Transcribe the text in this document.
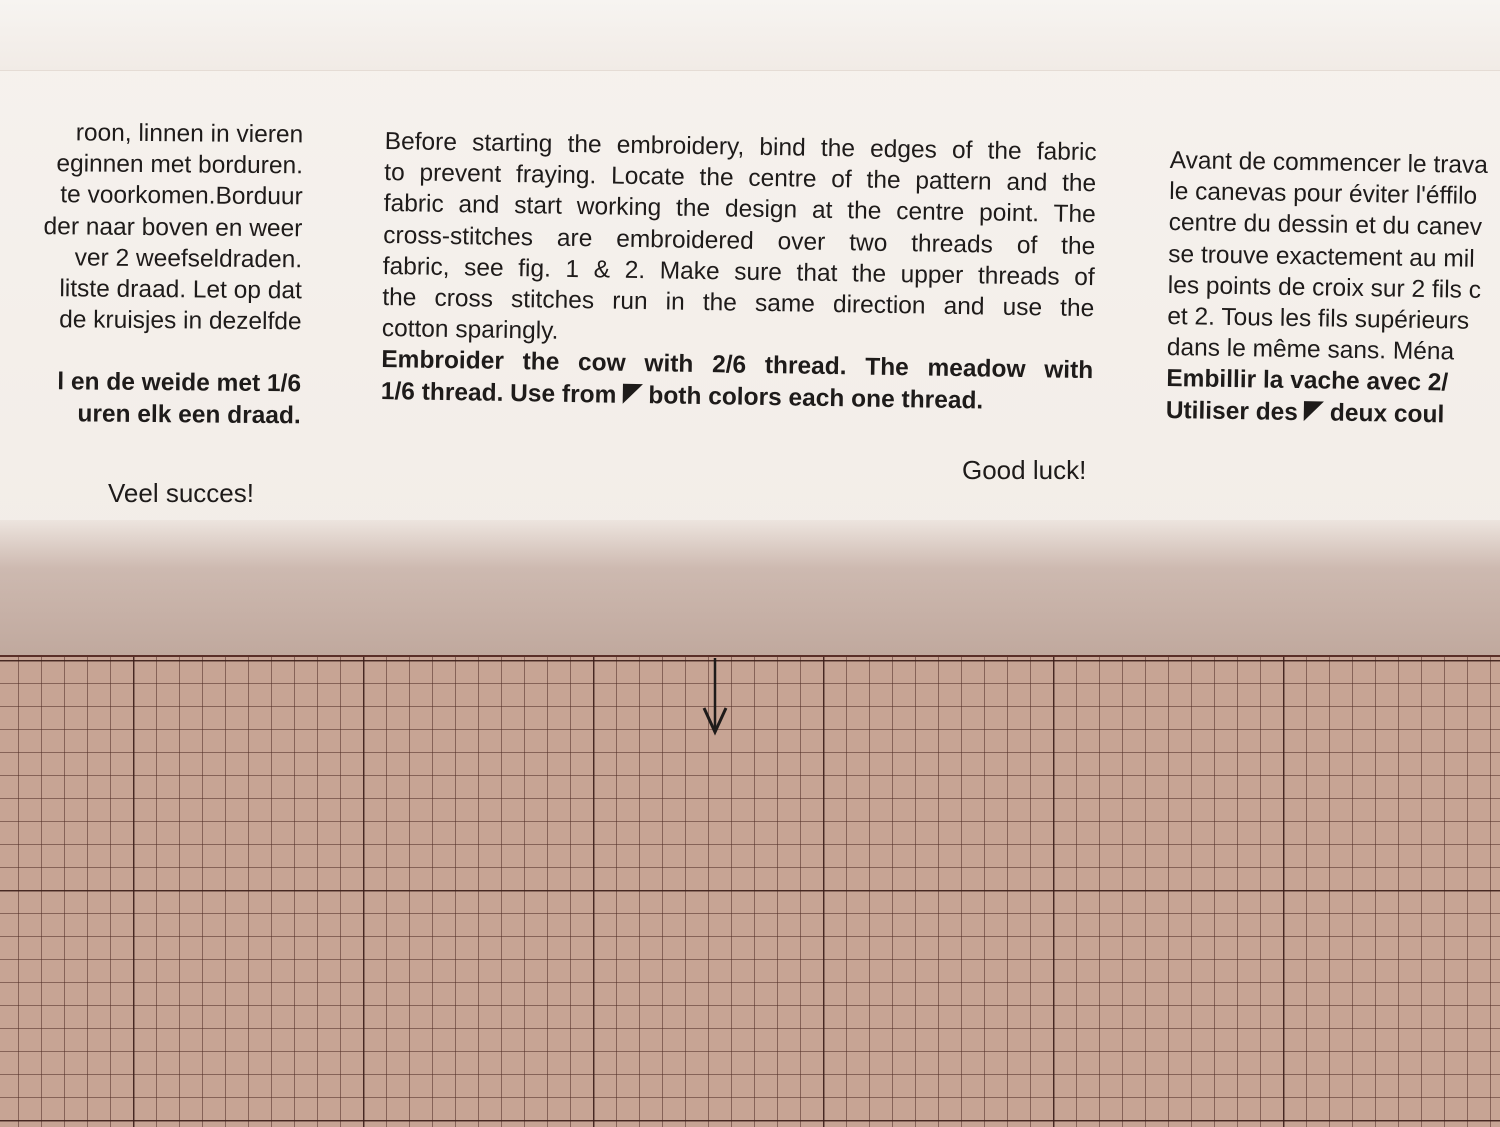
roon, linnen in vieren

eginnen met borduren.

te voorkomen.Borduur

der naar boven en weer

ver 2 weefseldraden.

litste draad. Let op dat

de kruisjes in dezelfde

l en de weide met 1/6

uren elk een draad.

Veel succes!

Before starting the embroidery, bind the edges of the fabric

to prevent fraying. Locate the centre of the pattern and the

fabric and start working the design at the centre point. The

cross-stitches are embroidered over two threads of the

fabric, see fig. 1 & 2. Make sure that the upper threads of

the cross stitches run in the same direction and use the

cotton sparingly.

Embroider the cow with 2/6 thread. The meadow with

1/6 thread. Use from both colors each one thread.

Good luck!

Avant de commencer le trava

le canevas pour éviter l'éffilo

centre du dessin et du canev

se trouve exactement au mil

les points de croix sur 2 fils c

et 2. Tous les fils supérieurs

dans le même sans. Ména

Embillir la vache avec 2/

Utiliser des deux coul
